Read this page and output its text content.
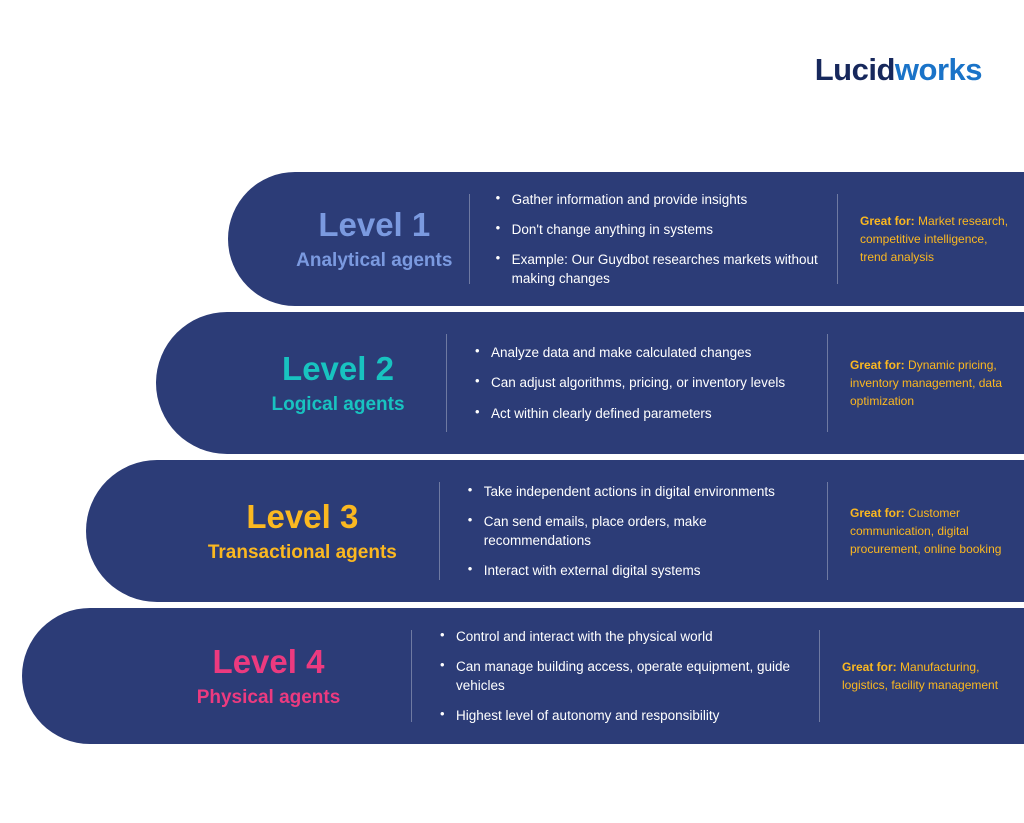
Lucidworks
Level 1
Analytical agents
• Gather information and provide insights
• Don't change anything in systems
• Example: Our Guydbot researches markets without making changes
Great for: Market research, competitive intelligence, trend analysis
Level 2
Logical agents
• Analyze data and make calculated changes
• Can adjust algorithms, pricing, or inventory levels
• Act within clearly defined parameters
Great for: Dynamic pricing, inventory management, data optimization
Level 3
Transactional agents
• Take independent actions in digital environments
• Can send emails, place orders, make recommendations
• Interact with external digital systems
Great for: Customer communication, digital procurement, online booking
Level 4
Physical agents
• Control and interact with the physical world
• Can manage building access, operate equipment, guide vehicles
• Highest level of autonomy and responsibility
Great for: Manufacturing, logistics, facility management
